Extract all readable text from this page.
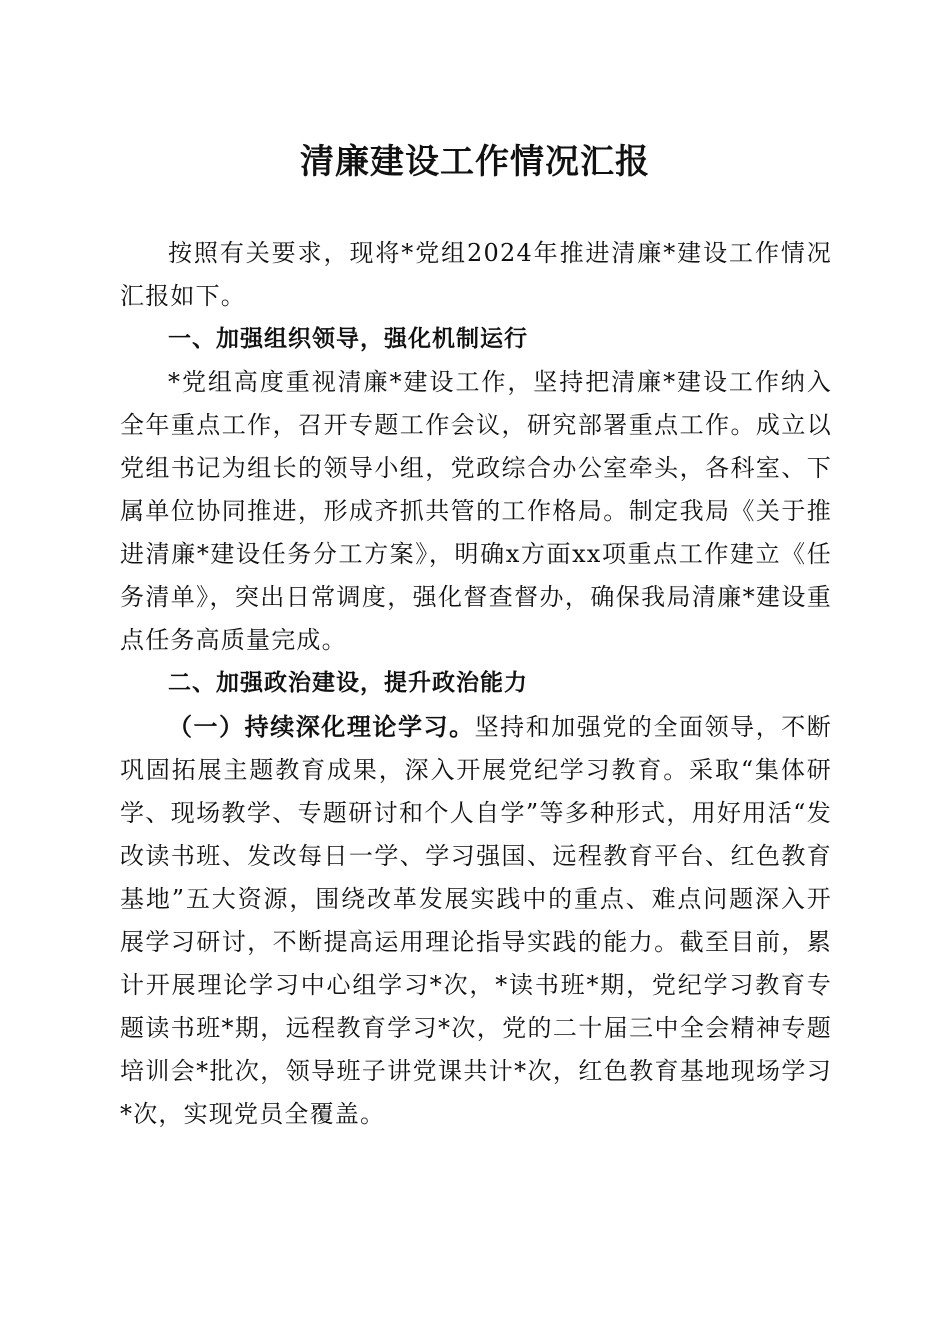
清廉建设工作情况汇报

按照有关要求，现将*党组2024年推进清廉*建设工作情况汇报如下。

一、加强组织领导，强化机制运行

*党组高度重视清廉*建设工作，坚持把清廉*建设工作纳入全年重点工作，召开专题工作会议，研究部署重点工作。成立以党组书记为组长的领导小组，党政综合办公室牵头，各科室、下属单位协同推进，形成齐抓共管的工作格局。制定我局《关于推进清廉*建设任务分工方案》，明确x方面xx项重点工作建立《任务清单》，突出日常调度，强化督查督办，确保我局清廉*建设重点任务高质量完成。

二、加强政治建设，提升政治能力

（一）持续深化理论学习。坚持和加强党的全面领导，不断巩固拓展主题教育成果，深入开展党纪学习教育。采取“集体研学、现场教学、专题研讨和个人自学”等多种形式，用好用活“发改读书班、发改每日一学、学习强国、远程教育平台、红色教育基地”五大资源，围绕改革发展实践中的重点、难点问题深入开展学习研讨，不断提高运用理论指导实践的能力。截至目前，累计开展理论学习中心组学习*次，*读书班*期，党纪学习教育专题读书班*期，远程教育学习*次，党的二十届三中全会精神专题培训会*批次，领导班子讲党课共计*次，红色教育基地现场学习*次，实现党员全覆盖。
